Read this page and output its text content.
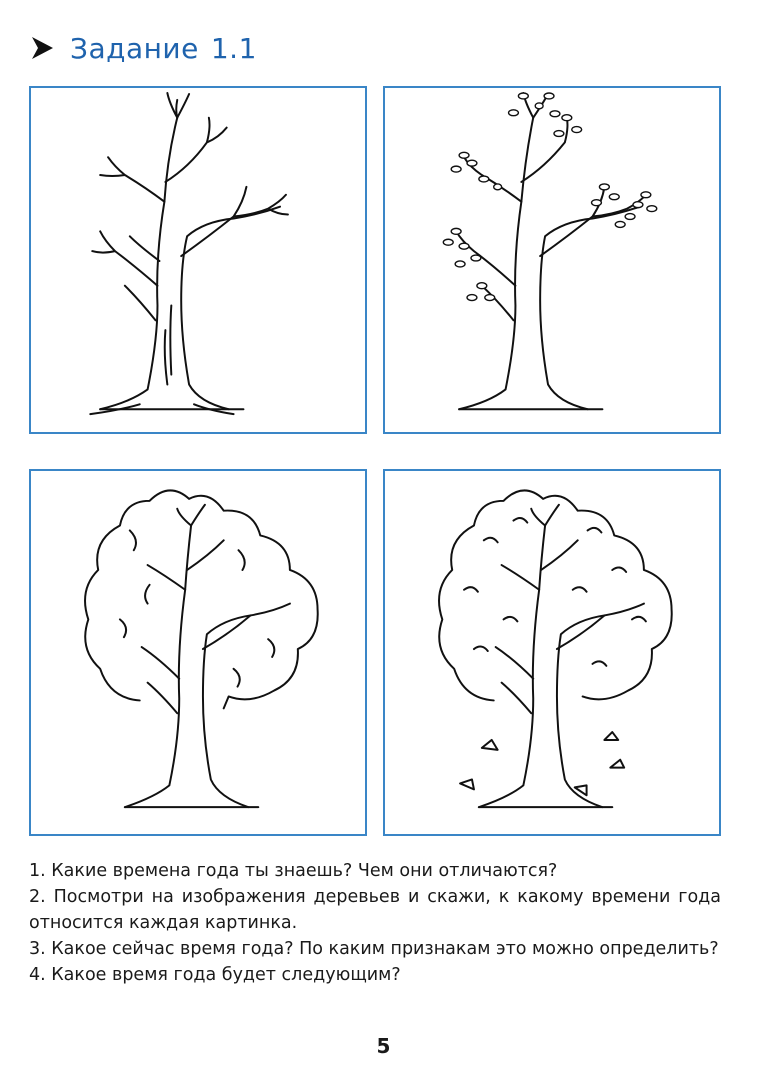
Задание 1.1

1. Какие времена года ты знаешь? Чем они отличаются?

2. Посмотри на изображения деревьев и скажи, к какому времени года относится каждая картинка.

3. Какое сейчас время года? По каким признакам это можно определить?

4. Какое время года будет следующим?

5
